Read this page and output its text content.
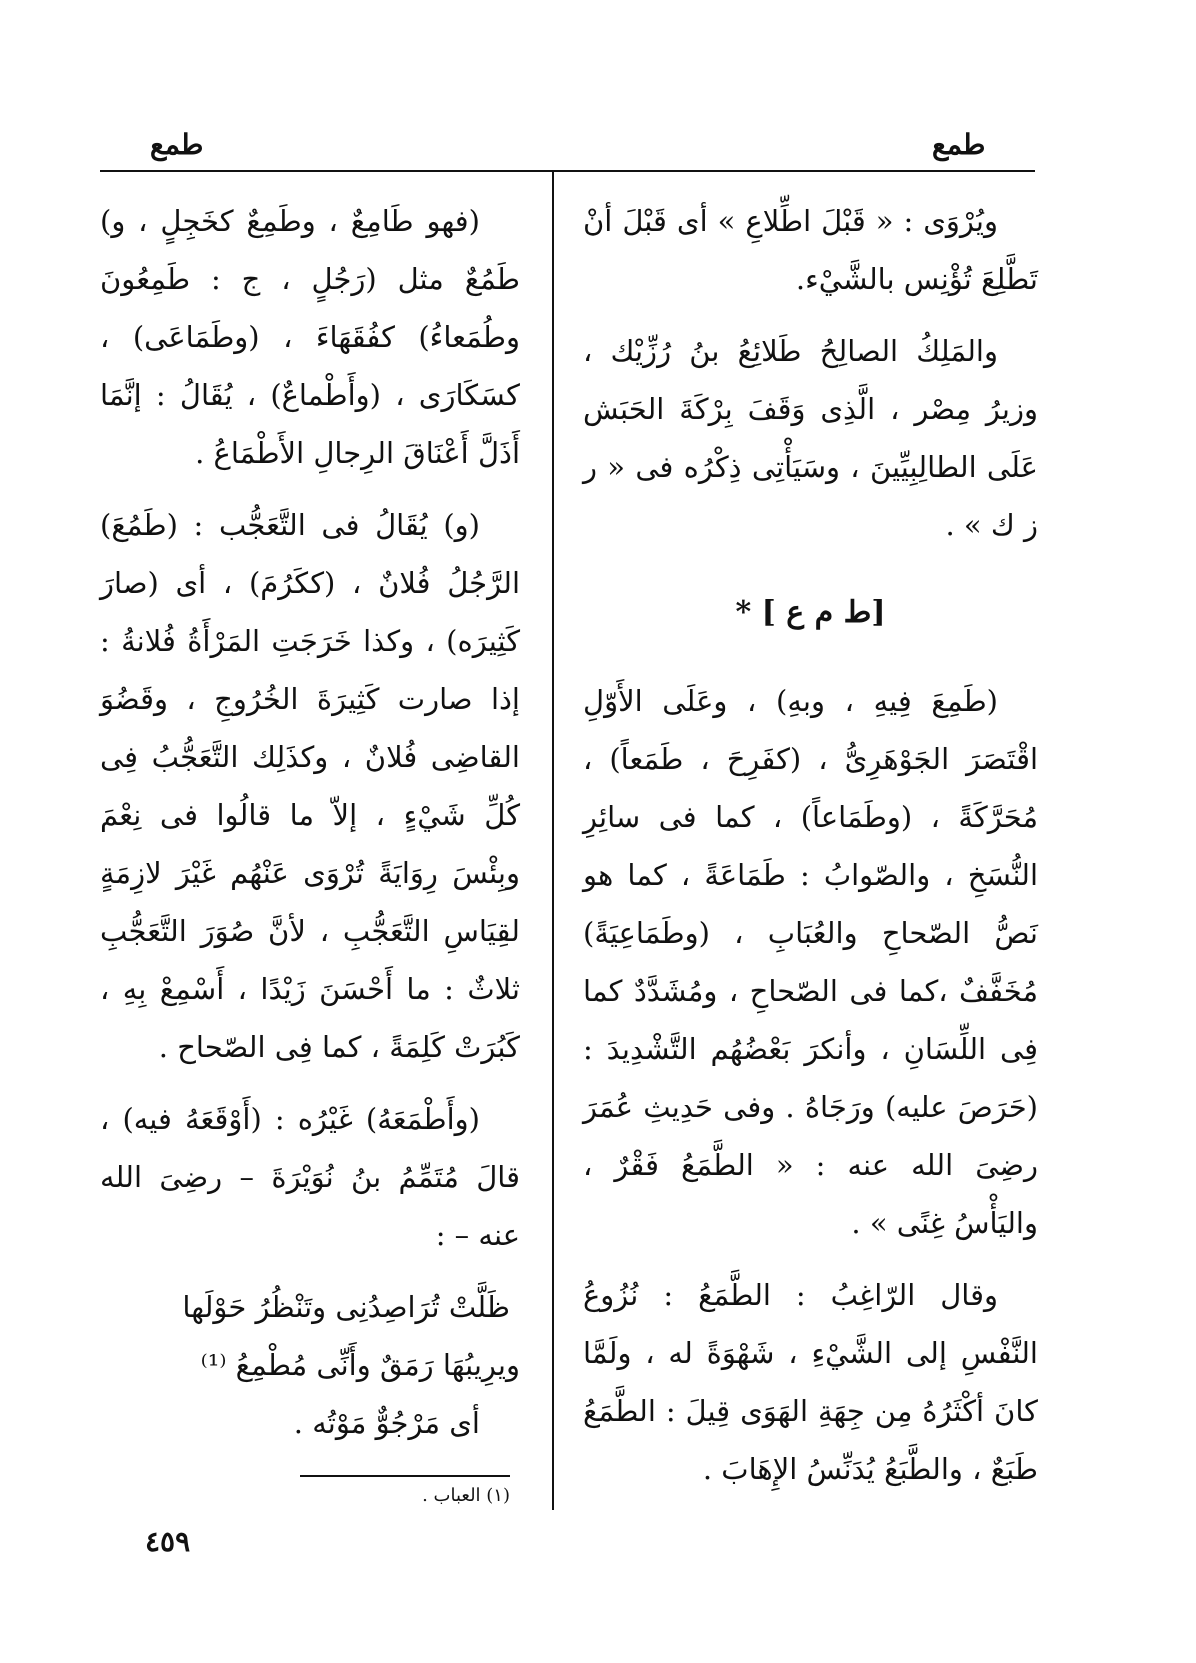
طمع	طمع

ويُرْوَى : « قَبْلَ اطِّلاعِ » أى قَبْلَ أنْ تَطَّلِعَ تُؤْنِس بالشَّيْء.

والمَلِكُ الصالِحُ طَلائِعُ بنُ رُزِّيْك ، وزيرُ مِصْر ، الَّذِى وَقَفَ بِرْكَةَ الحَبَش عَلَى الطالِبِيِّينَ ، وسَيَأْتِى ذِكْرُه فى « ر ز ك » .

[ط م ع ] *

(طَمِعَ فِيهِ ، وبهِ) ، وعَلَى الأَوّلِ اقْتَصَرَ الجَوْهَرِىُّ ، (كفَرِحَ ، طَمَعاً) ، مُحَرَّكَةً ، (وطَمَاعاً) ، كما فى سائِرِ النُّسَخِ ، والصّوابُ : طَمَاعَةً ، كما هو نَصُّ الصّحاحِ والعُبَابِ ، (وطَمَاعِيَةً) مُخَفَّفٌ ،كما فى الصّحاحِ ، ومُشَدَّدٌ كما فِى اللِّسَانِ ، وأنكرَ بَعْضُهُم التَّشْدِيدَ : (حَرَصَ عليه) ورَجَاهُ . وفى حَدِيثِ عُمَرَ رضِىَ الله عنه : « الطَّمَعُ فَقْرٌ ، واليَأْسُ غِنًى » .

وقال الرّاغِبُ : الطَّمَعُ : نُزُوعُ النَّفْسِ إلى الشَّيْءِ ، شَهْوَةً له ، ولَمَّا كانَ أكْثَرُهُ مِن جِهَةِ الهَوَى قِيلَ : الطَّمَعُ طَبَعٌ ، والطَّبَعُ يُدَنِّسُ الإِهَابَ .

(فهو طَامِعٌ ، وطَمِعٌ كخَجِلٍ ، و) طَمُعٌ مثل (رَجُلٍ ، ج : طَمِعُونَ وطُمَعاءُ) كفُقَهَاءَ ، (وطَمَاعَى) ، كسَكَارَى ، (وأَطْماعٌ) ، يُقَالُ : إنَّمَا أَذَلَّ أَعْنَاقَ الرِجالِ الأَطْمَاعُ .

(و) يُقَالُ فى التَّعَجُّب : (طَمُعَ) الرَّجُلُ فُلانٌ ، (ككَرُمَ) ، أى (صارَ كَثِيرَه) ، وكذا خَرَجَتِ المَرْأَةُ فُلانةُ : إذا صارت كَثِيرَةَ الخُرُوجِ ، وقَضُوَ القاضِى فُلانٌ ، وكذَلِك التَّعَجُّبُ فِى كُلِّ شَيْءٍ ، إلاّ ما قالُوا فى نِعْمَ وبِئْسَ رِوَايَةً تُرْوَى عَنْهُم غَيْرَ لازِمَةٍ لقِيَاسِ التَّعَجُّبِ ، لأنَّ صُوَرَ التَّعَجُّبِ ثلاثٌ : ما أَحْسَنَ زَيْدًا ، أَسْمِعْ بِهِ ، كَبُرَتْ كَلِمَةً ، كما فِى الصّحاح .

(وأَطْمَعَهُ) غَيْرُه : (أَوْقَعَهُ فيه) ، قالَ مُتَمِّمُ بنُ نُوَيْرَةَ – رضِىَ الله عنه – :

ظَلَّتْ تُرَاصِدُنِى وتَنْظُرُ حَوْلَها
ويرِيبُهَا رَمَقٌ وأَنِّى مُطْمِعُ ⁽¹⁾

أى مَرْجُوٌّ مَوْتُه .

(١) العباب .
٤٥٩
